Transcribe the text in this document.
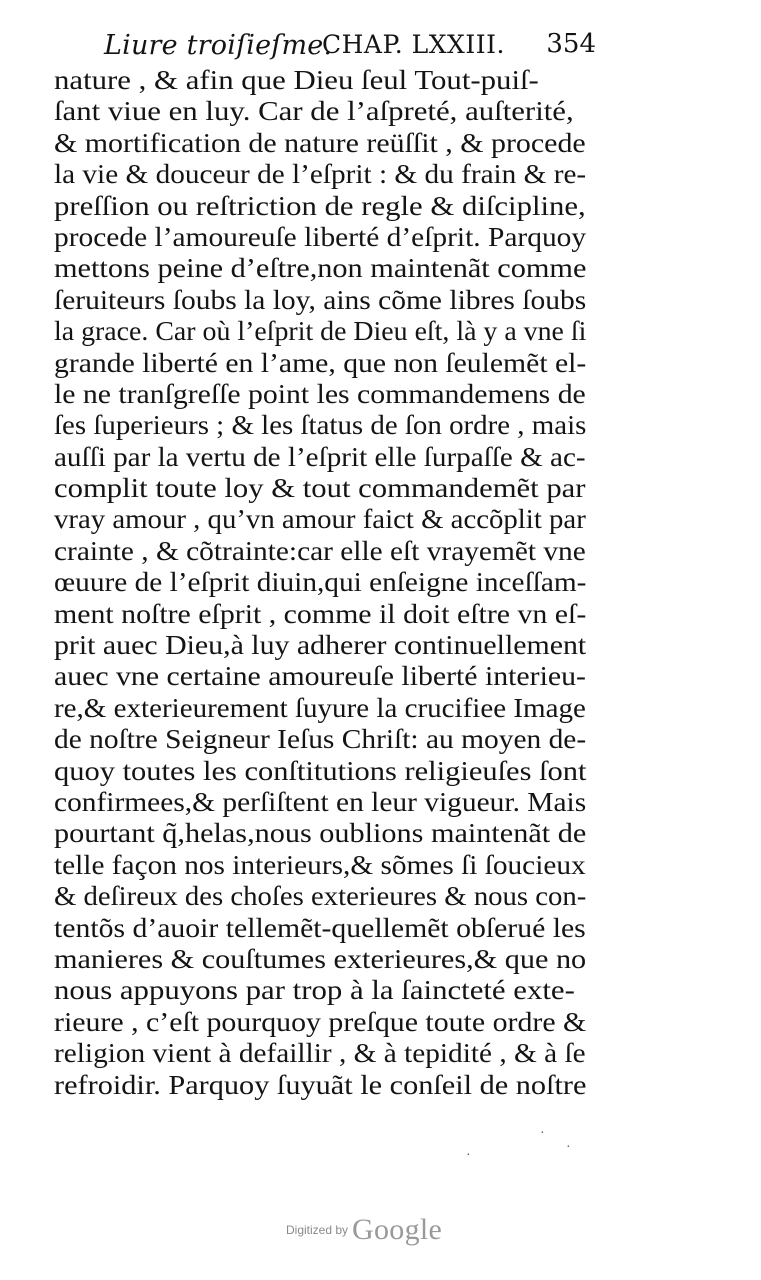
Liure troiſieſme.
CHAP. LXXIII. 354
nature , & afin que Dieu ſeul Tout-puiſ-
ſant viue en luy. Car de l’aſpreté, auſterité,
& mortification de nature reüſſit , & procede
la vie & douceur de l’eſprit : & du frain & re-
preſſion ou reſtriction de regle & diſcipline,
procede l’amoureuſe liberté d’eſprit. Parquoy
mettons peine d’eſtre,non maintenãt comme
ſeruiteurs ſoubs la loy, ains cõme libres ſoubs
la grace. Car où l’eſprit de Dieu eſt, là y a vne ſi
grande liberté en l’ame, que non ſeulemẽt el-
le ne tranſgreſſe point les commandemens de
ſes ſuperieurs ; & les ſtatus de ſon ordre , mais
auſſi par la vertu de l’eſprit elle ſurpaſſe & ac-
complit toute loy & tout commandemẽt par
vray amour , qu’vn amour faict & accõplit par
crainte , & cõtrainte:car elle eſt vrayemẽt vne
œuure de l’eſprit diuin,qui enſeigne inceſſam-
ment noſtre eſprit , comme il doit eſtre vn eſ-
prit auec Dieu,à luy adherer continuellement
auec vne certaine amoureuſe liberté interieu-
re,& exterieurement ſuyure la crucifiee Image
de noſtre Seigneur Ieſus Chriſt: au moyen de-
quoy toutes les conſtitutions religieuſes ſont
confirmees,& perſiſtent en leur vigueur. Mais
pourtant q̃,helas,nous oublions maintenãt de
telle façon nos interieurs,& sõmes ſi ſoucieux
& deſireux des choſes exterieures & nous con-
tentõs d’auoir tellemẽt-quellemẽt obſerué les
manieres & couſtumes exterieures,& que no
nous appuyons par trop à la ſaincteté exte-
rieure , c’eſt pourquoy preſque toute ordre &
religion vient à defaillir , & à tepidité , & à ſe
refroidir. Parquoy ſuyuãt le conſeil de noſtre
·
·
·
Digitized by Google
